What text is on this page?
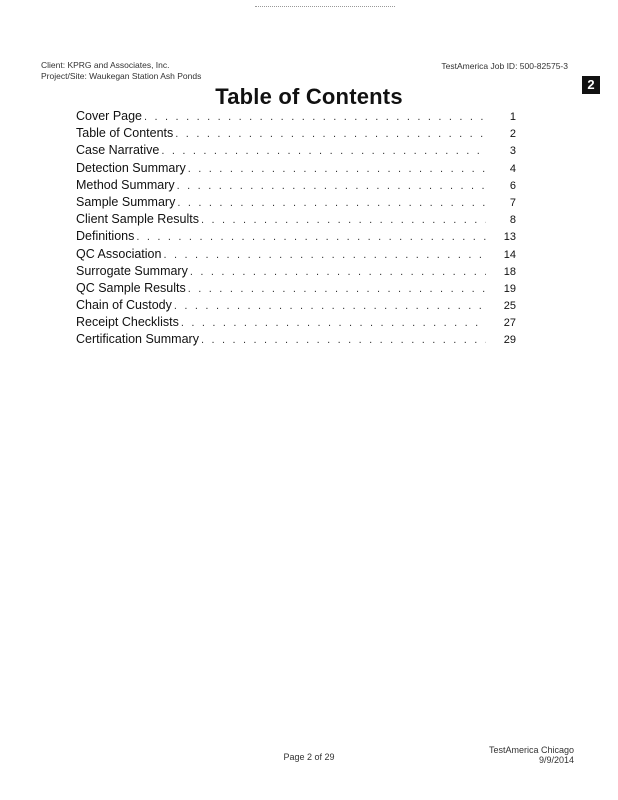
Client: KPRG and Associates, Inc.
Project/Site: Waukegan Station Ash Ponds
TestAmerica Job ID: 500-82575-3
2
Table of Contents
Cover Page . . .	1
Table of Contents . . .	2
Case Narrative . . .	3
Detection Summary . . .	4
Method Summary . . .	6
Sample Summary . . .	7
Client Sample Results . . .	8
Definitions . . .	13
QC Association . . .	14
Surrogate Summary . . .	18
QC Sample Results . . .	19
Chain of Custody . . .	25
Receipt Checklists . . .	27
Certification Summary . . .	29
Page 2 of 29
TestAmerica Chicago
9/9/2014
